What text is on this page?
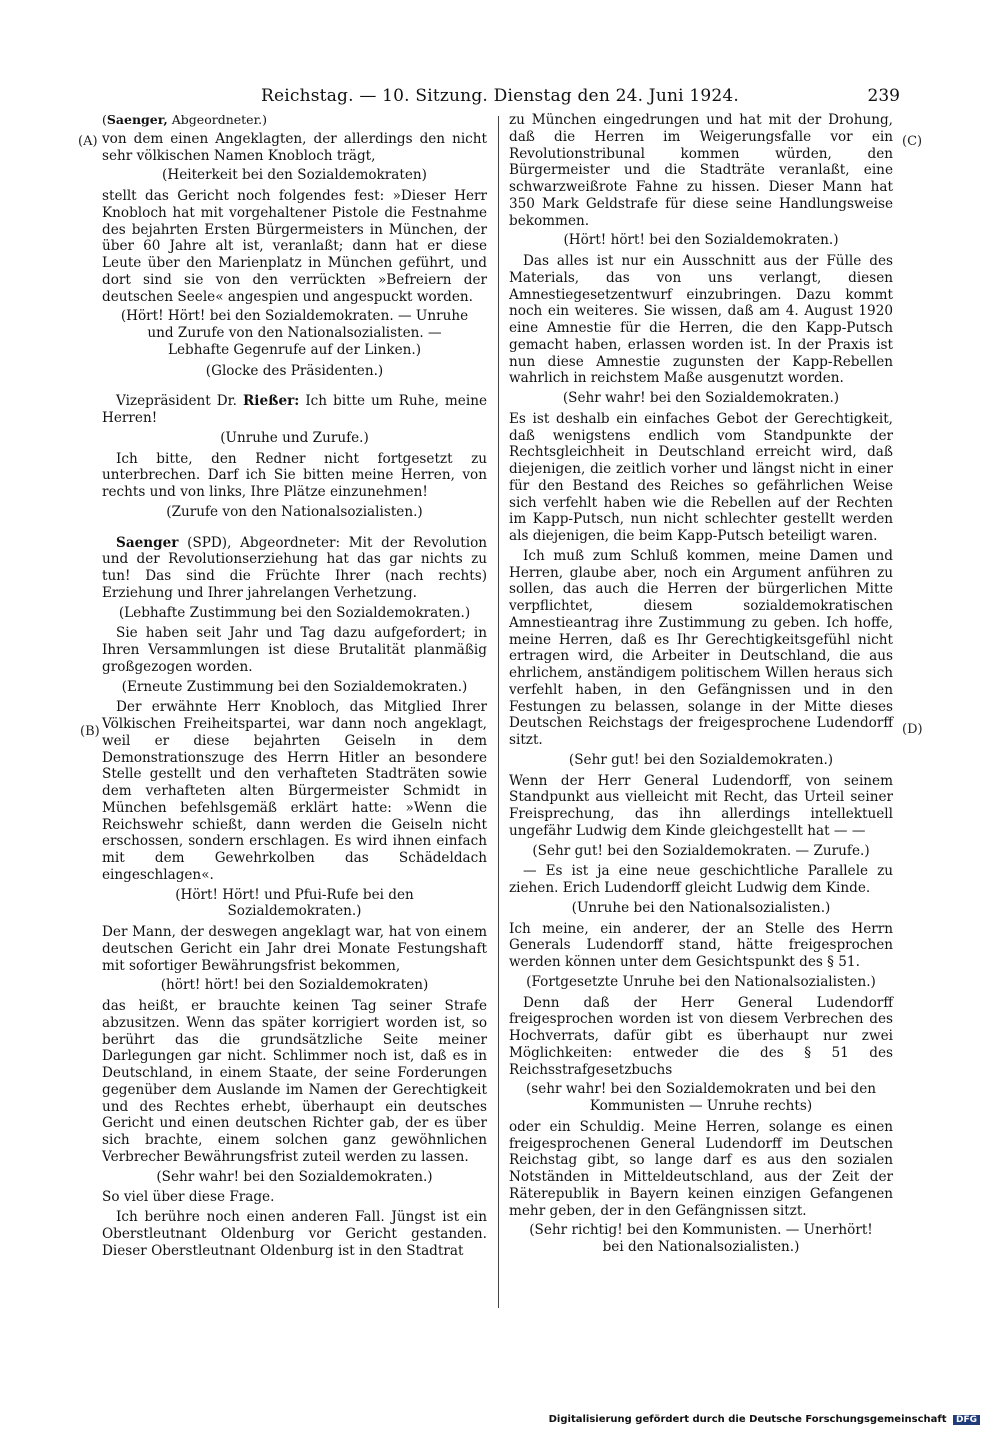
Reichstag. — 10. Sitzung. Dienstag den 24. Juni 1924.	239
(A)
(B)
(C)
(D)
(Saenger, Abgeordneter.)

von dem einen Angeklagten, der allerdings den nicht sehr völkischen Namen Knobloch trägt,

(Heiterkeit bei den Sozialdemokraten)

stellt das Gericht noch folgendes fest: »Dieser Herr Knobloch hat mit vorgehaltener Pistole die Festnahme des bejahrten Ersten Bürgermeisters in München, der über 60 Jahre alt ist, veranlaßt; dann hat er diese Leute über den Marienplatz in München geführt, und dort sind sie von den verrückten »Befreiern der deutschen Seele« angespien und angespuckt worden.

(Hört! Hört! bei den Sozialdemokraten. — Unruhe und Zurufe von den Nationalsozialisten. — Lebhafte Gegenrufe auf der Linken.)
(Glocke des Präsidenten.)

Vizepräsident Dr. Rießer: Ich bitte um Ruhe, meine Herren!

(Unruhe und Zurufe.)

Ich bitte, den Redner nicht fortgesetzt zu unterbrechen. Darf ich Sie bitten meine Herren, von rechts und von links, Ihre Plätze einzunehmen!

(Zurufe von den Nationalsozialisten.)

Saenger (SPD), Abgeordneter: Mit der Revolution und der Revolutionserziehung hat das gar nichts zu tun! Das sind die Früchte Ihrer (nach rechts) Erziehung und Ihrer jahrelangen Verhetzung.

(Lebhafte Zustimmung bei den Sozialdemokraten.)

Sie haben seit Jahr und Tag dazu aufgefordert; in Ihren Versammlungen ist diese Brutalität planmäßig großgezogen worden.

(Erneute Zustimmung bei den Sozialdemokraten.)

Der erwähnte Herr Knobloch, das Mitglied Ihrer Völkischen Freiheitspartei, war dann noch angeklagt, weil er diese bejahrten Geiseln in dem Demonstrationszuge des Herrn Hitler an besondere Stelle gestellt und den verhafteten Stadträten sowie dem verhafteten alten Bürgermeister Schmidt in München befehlsgemäß erklärt hatte: »Wenn die Reichswehr schießt, dann werden die Geiseln nicht erschossen, sondern erschlagen. Es wird ihnen einfach mit dem Gewehrkolben das Schädeldach eingeschlagen«.

(Hört! Hört! und Pfui-Rufe bei den Sozialdemokraten.)

Der Mann, der deswegen angeklagt war, hat von einem deutschen Gericht ein Jahr drei Monate Festungshaft mit sofortiger Bewährungsfrist bekommen,

(hört! hört! bei den Sozialdemokraten)

das heißt, er brauchte keinen Tag seiner Strafe abzusitzen. Wenn das später korrigiert worden ist, so berührt das die grundsätzliche Seite meiner Darlegungen gar nicht. Schlimmer noch ist, daß es in Deutschland, in einem Staate, der seine Forderungen gegenüber dem Auslande im Namen der Gerechtigkeit und des Rechtes erhebt, überhaupt ein deutsches Gericht und einen deutschen Richter gab, der es über sich brachte, einem solchen ganz gewöhnlichen Verbrecher Bewährungsfrist zuteil werden zu lassen.

(Sehr wahr! bei den Sozialdemokraten.)

So viel über diese Frage.

Ich berühre noch einen anderen Fall. Jüngst ist ein Oberstleutnant Oldenburg vor Gericht gestanden. Dieser Oberstleutnant Oldenburg ist in den Stadtrat

zu München eingedrungen und hat mit der Drohung, daß die Herren im Weigerungsfalle vor ein Revolutionstribunal kommen würden, den Bürgermeister und die Stadträte veranlaßt, eine schwarzweißrote Fahne zu hissen. Dieser Mann hat 350 Mark Geldstrafe für diese seine Handlungsweise bekommen.

(Hört! hört! bei den Sozialdemokraten.)

Das alles ist nur ein Ausschnitt aus der Fülle des Materials, das von uns verlangt, diesen Amnestiegesetzentwurf einzubringen. Dazu kommt noch ein weiteres. Sie wissen, daß am 4. August 1920 eine Amnestie für die Herren, die den Kapp-Putsch gemacht haben, erlassen worden ist. In der Praxis ist nun diese Amnestie zugunsten der Kapp-Rebellen wahrlich in reichstem Maße ausgenutzt worden.

(Sehr wahr! bei den Sozialdemokraten.)

Es ist deshalb ein einfaches Gebot der Gerechtigkeit, daß wenigstens endlich vom Standpunkte der Rechtsgleichheit in Deutschland erreicht wird, daß diejenigen, die zeitlich vorher und längst nicht in einer für den Bestand des Reiches so gefährlichen Weise sich verfehlt haben wie die Rebellen auf der Rechten im Kapp-Putsch, nun nicht schlechter gestellt werden als diejenigen, die beim Kapp-Putsch beteiligt waren.

Ich muß zum Schluß kommen, meine Damen und Herren, glaube aber, noch ein Argument anführen zu sollen, das auch die Herren der bürgerlichen Mitte verpflichtet, diesem sozialdemokratischen Amnestieantrag ihre Zustimmung zu geben. Ich hoffe, meine Herren, daß es Ihr Gerechtigkeitsgefühl nicht ertragen wird, die Arbeiter in Deutschland, die aus ehrlichem, anständigem politischem Willen heraus sich verfehlt haben, in den Gefängnissen und in den Festungen zu belassen, solange in der Mitte dieses Deutschen Reichstags der freigesprochene Ludendorff sitzt.

(Sehr gut! bei den Sozialdemokraten.)

Wenn der Herr General Ludendorff, von seinem Standpunkt aus vielleicht mit Recht, das Urteil seiner Freisprechung, das ihn allerdings intellektuell ungefähr Ludwig dem Kinde gleichgestellt hat — —

(Sehr gut! bei den Sozialdemokraten. — Zurufe.)

— Es ist ja eine neue geschichtliche Parallele zu ziehen. Erich Ludendorff gleicht Ludwig dem Kinde.

(Unruhe bei den Nationalsozialisten.)

Ich meine, ein anderer, der an Stelle des Herrn Generals Ludendorff stand, hätte freigesprochen werden können unter dem Gesichtspunkt des § 51.

(Fortgesetzte Unruhe bei den Nationalsozialisten.)

Denn daß der Herr General Ludendorff freigesprochen worden ist von diesem Verbrechen des Hochverrats, dafür gibt es überhaupt nur zwei Möglichkeiten: entweder die des § 51 des Reichsstrafgesetzbuchs

(sehr wahr! bei den Sozialdemokraten und bei den Kommunisten — Unruhe rechts)

oder ein Schuldig. Meine Herren, solange es einen freigesprochenen General Ludendorff im Deutschen Reichstag gibt, so lange darf es aus den sozialen Notständen in Mitteldeutschland, aus der Zeit der Räterepublik in Bayern keinen einzigen Gefangenen mehr geben, der in den Gefängnissen sitzt.

(Sehr richtig! bei den Kommunisten. — Unerhört! bei den Nationalsozialisten.)
Digitalisierung gefördert durch die Deutsche Forschungsgemeinschaft DFG
